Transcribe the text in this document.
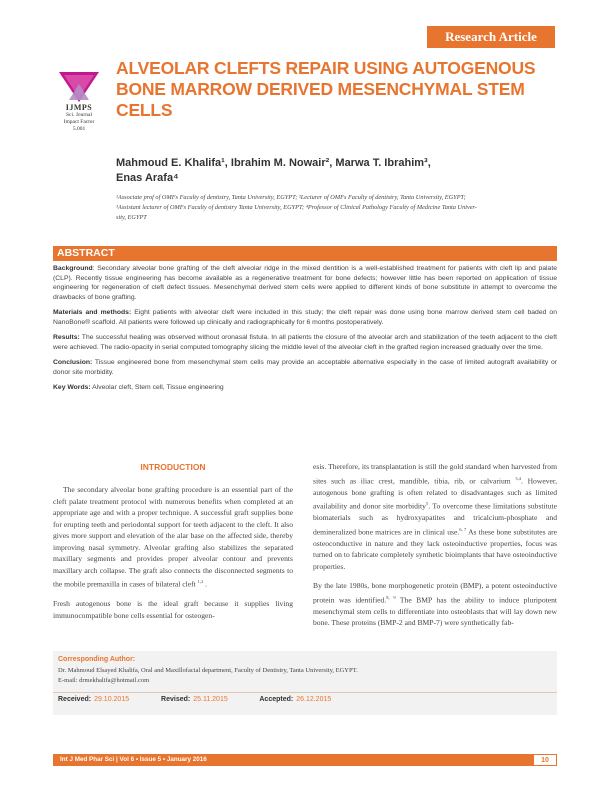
Research Article
IJMPS
Sci. Journal
Impact Factor
5.001
ALVEOLAR CLEFTS REPAIR USING AUTOGENOUS BONE MARROW DERIVED MESENCHYMAL STEM CELLS
Mahmoud E. Khalifa¹, Ibrahim M. Nowair², Marwa T. Ibrahim³,
Enas Arafa⁴
¹Associate prof of OMFs Faculty of dentistry, Tanta University, EGYPT; ²Lecturer of OMFs Faculty of dentistry, Tanta University, EGYPT;
³Assistant lecturer of OMFs Faculty of dentistry Tanta University, EGYPT; ⁴Professor of Clinical Pathology Faculty of Medicine Tanta Univer-
sity, EGYPT
ABSTRACT

Background: Secondary alveolar bone grafting of the cleft alveolar ridge in the mixed dentition is a well-established treatment for patients with cleft lip and palate (CLP). Recently tissue engineering has become available as a regenerative treatment for bone defects; however little has been reported on application of tissue engineering for regeneration of cleft defect tissues. Mesenchymal derived stem cells were applied to different kinds of bone substitute in attempt to overcome the drawbacks of bone grafting.

Materials and methods: Eight patients with alveolar cleft were included in this study; the cleft repair was done using bone marrow derived stem cell baded on NanoBone® scaffold. All patients were followed up clinically and radiographically for 6 months postoperatively.

Results: The successful healing was observed without oronasal fistula. In all patients the closure of the alveolar arch and stabilization of the teeth adjacent to the cleft were achieved. The radio-opacity in serial computed tomography slicing the middle level of the alveolar cleft in the grafted region increased gradually over the time.

Conclusion: Tissue engineered bone from mesenchymal stem cells may provide an acceptable alternative especially in the case of limited autograft availability or donor site morbidity.

Key Words: Alveolar cleft, Stem cell, Tissue engineering

INTRODUCTION

The secondary alveolar bone grafting procedure is an essential part of the cleft palate treatment protocol with numerous benefits when completed at an appropriate age and with a proper technique. A successful graft supplies bone for erupting teeth and periodontal support for teeth adjacent to the cleft. It also gives more support and elevation of the alar base on the affected side, thereby improving nasal symmetry. Alveolar grafting also stabilizes the separated maxillary segments and provides proper alveolar contour and prevents maxillary arch collapse. The graft also connects the disconnected segments to the mobile premaxilla in cases of bilateral cleft $^{1,2}$ .

Fresh autogenous bone is the ideal graft because it supplies living immunocompatible bone cells essential for osteogen-

esis. Therefore, its transplantation is still the gold standard when harvested from sites such as iliac crest, mandible, tibia, rib, or calvarium $^{3,4}$. However, autogenous bone grafting is often related to disadvantages such as limited availability and donor site morbidity$^5$. To overcome these limitations substitute biomaterials such as hydroxyapatites and tricalcium-phosphate and demineralized bone matrices are in clinical use.$^{6, 7}$ As these bone substitutes are osteoconductive in nature and they lack osteoinductive properties, focus was turned on to fabricate completely synthetic bioimplants that have osteoinductive properties.

By the late 1980s, bone morphogenetic protein (BMP), a potent osteoinductive protein was identified.$^{8, 9}$ The BMP has the ability to induce pluripotent mesenchymal stem cells to differentiate into osteoblasts that will lay down new bone. These proteins (BMP-2 and BMP-7) were synthetically fab-

Corresponding Author:
Dr. Mahmoud Elsayed Khalifa, Oral and Maxillofacial department, Faculty of Dentistry, Tanta University, EGYPT.
E-mail: drmekhalifa@hotmail.com
Received: 29.10.2015	Revised: 25.11.2015	Accepted: 26.12.2015
Int J Med Phar Sci | Vol 6 • Issue 5 • January 2016	10
